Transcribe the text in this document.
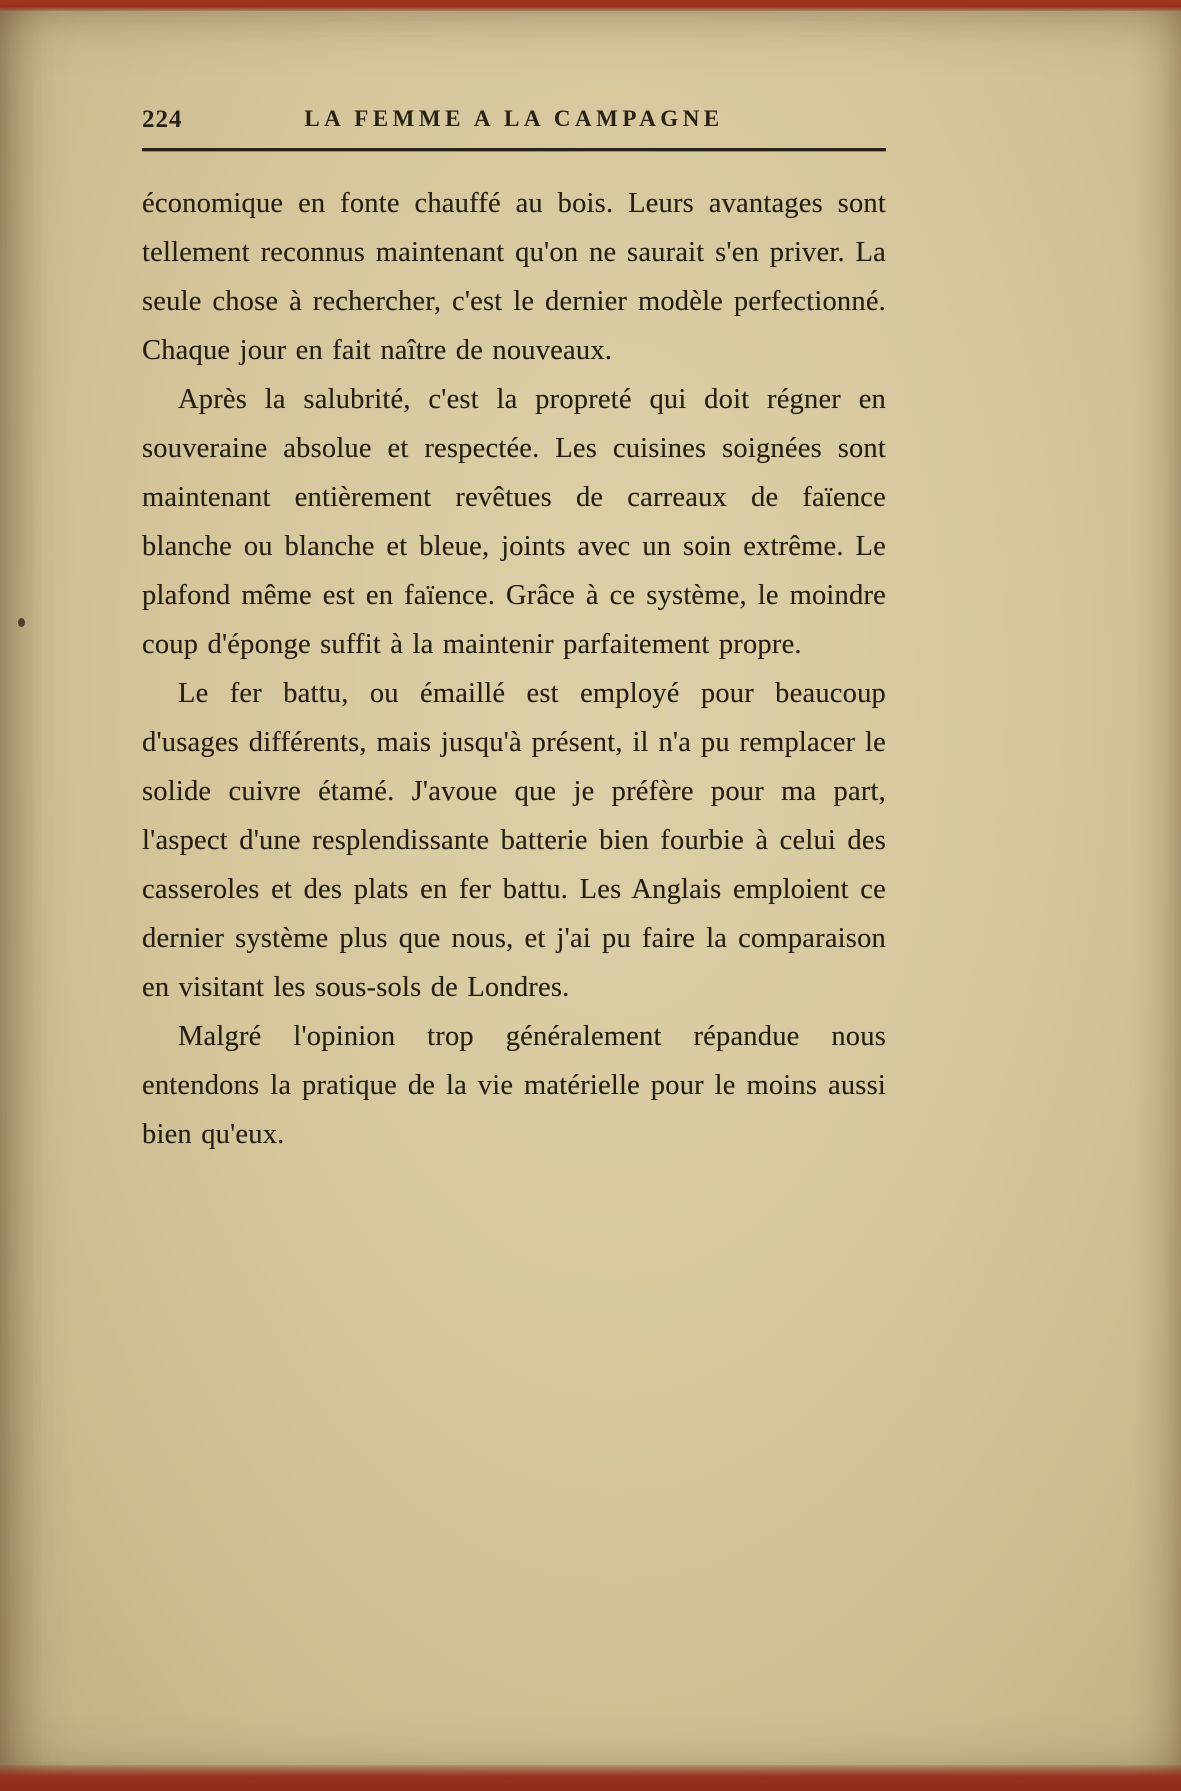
224	LA FEMME A LA CAMPAGNE

économique en fonte chauffé au bois. Leurs avantages sont tellement reconnus maintenant qu'on ne saurait s'en priver. La seule chose à rechercher, c'est le dernier modèle perfectionné. Chaque jour en fait naître de nouveaux.

Après la salubrité, c'est la propreté qui doit régner en souveraine absolue et respectée. Les cuisines soignées sont maintenant entièrement revêtues de carreaux de faïence blanche ou blanche et bleue, joints avec un soin extrême. Le plafond même est en faïence. Grâce à ce système, le moindre coup d'éponge suffit à la maintenir parfaitement propre.

Le fer battu, ou émaillé est employé pour beaucoup d'usages différents, mais jusqu'à présent, il n'a pu remplacer le solide cuivre étamé. J'avoue que je préfère pour ma part, l'aspect d'une resplendissante batterie bien fourbie à celui des casseroles et des plats en fer battu. Les Anglais emploient ce dernier système plus que nous, et j'ai pu faire la comparaison en visitant les sous-sols de Londres.

Malgré l'opinion trop généralement répandue nous entendons la pratique de la vie matérielle pour le moins aussi bien qu'eux.
